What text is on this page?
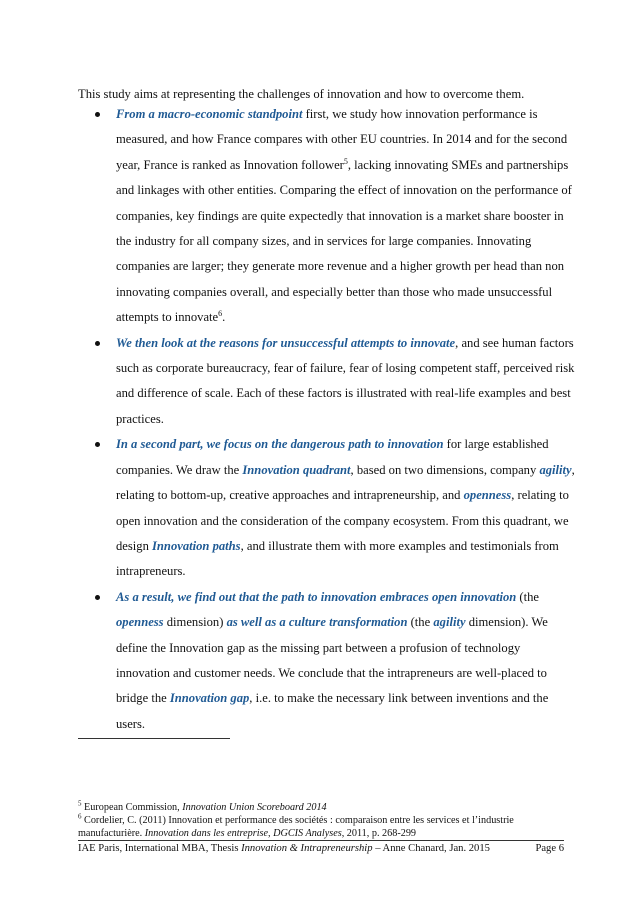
This study aims at representing the challenges of innovation and how to overcome them.

From a macro-economic standpoint first, we study how innovation performance is measured, and how France compares with other EU countries. In 2014 and for the second year, France is ranked as Innovation follower$^5$, lacking innovating SMEs and partnerships and linkages with other entities. Comparing the effect of innovation on the performance of companies, key findings are quite expectedly that innovation is a market share booster in the industry for all company sizes, and in services for large companies. Innovating companies are larger; they generate more revenue and a higher growth per head than non innovating companies overall, and especially better than those who made unsuccessful attempts to innovate$^6$.
We then look at the reasons for unsuccessful attempts to innovate, and see human factors such as corporate bureaucracy, fear of failure, fear of losing competent staff, perceived risk and difference of scale. Each of these factors is illustrated with real-life examples and best practices.
In a second part, we focus on the dangerous path to innovation for large established companies. We draw the Innovation quadrant, based on two dimensions, company agility, relating to bottom-up, creative approaches and intrapreneurship, and openness, relating to open innovation and the consideration of the company ecosystem. From this quadrant, we design Innovation paths, and illustrate them with more examples and testimonials from intrapreneurs.
As a result, we find out that the path to innovation embraces open innovation (the openness dimension) as well as a culture transformation (the agility dimension). We define the Innovation gap as the missing part between a profusion of technology innovation and customer needs. We conclude that the intrapreneurs are well-placed to bridge the Innovation gap, i.e. to make the necessary link between inventions and the users.

$^5$ European Commission, Innovation Union Scoreboard 2014

$^6$ Cordelier, C. (2011) Innovation et performance des sociétés : comparaison entre les services et l’industrie manufacturière. Innovation dans les entreprise, DGCIS Analyses, 2011, p. 268-299

IAE Paris, International MBA, Thesis Innovation & Intrapreneurship – Anne Chanard, Jan. 2015	Page 6
